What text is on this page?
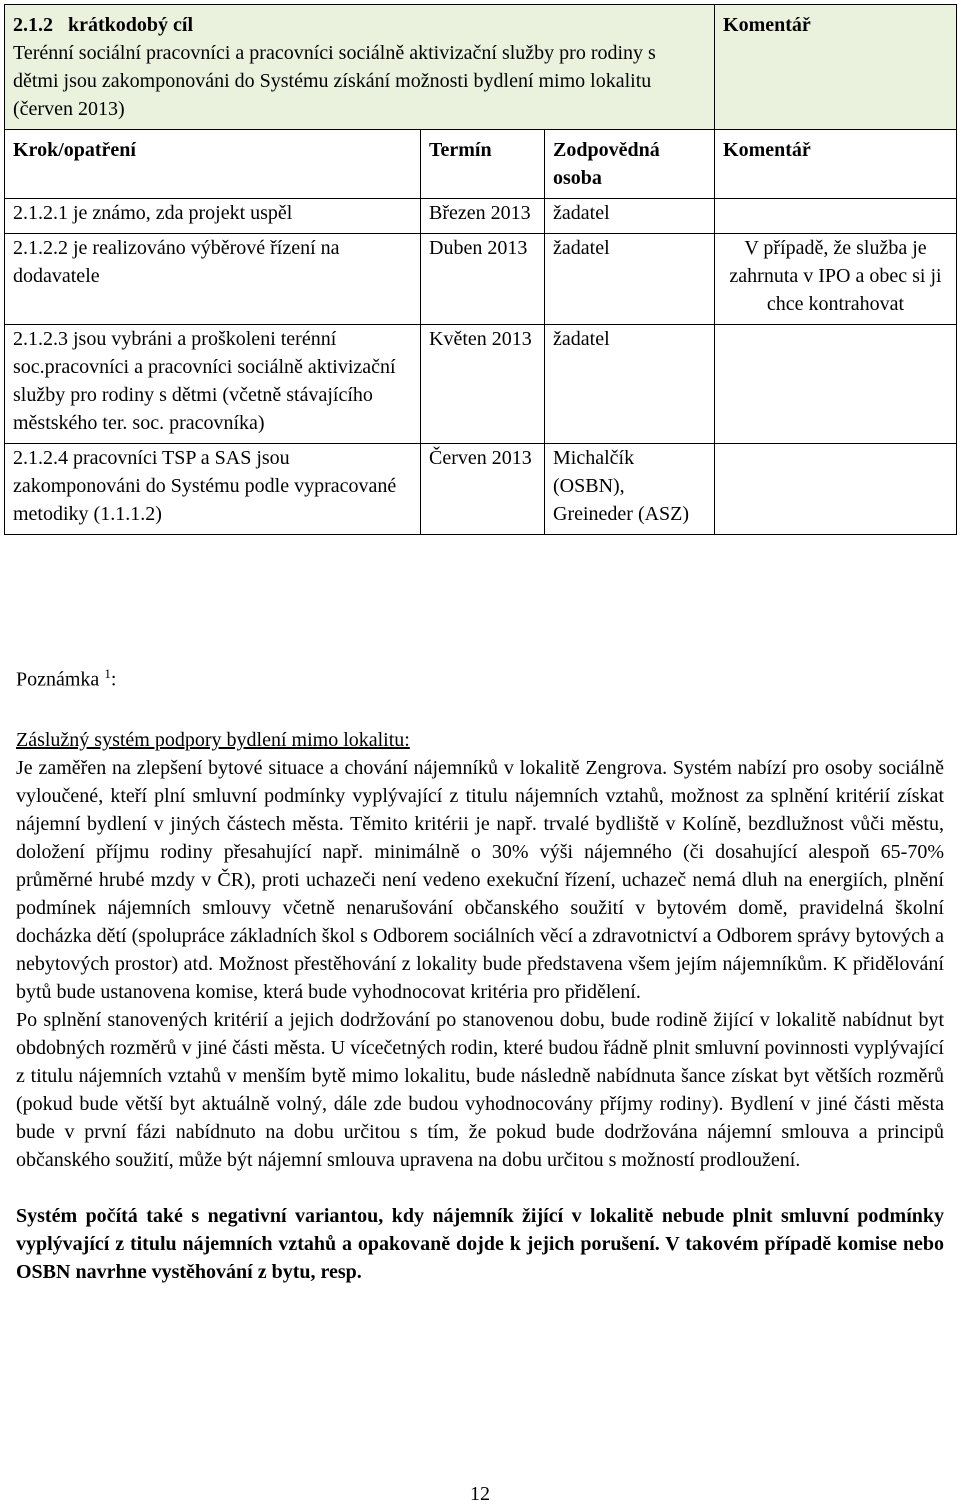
2.1.2 krátkodobý cíl
Terénní sociální pracovníci a pracovníci sociálně aktivizační služby pro rodiny s dětmi jsou zakomponováni do Systému získání možnosti bydlení mimo lokalitu (červen 2013)			Komentář
Krok/opatření	Termín	Zodpovědná osoba	Komentář
2.1.2.1 je známo, zda projekt uspěl	Březen 2013	žadatel	
2.1.2.2 je realizováno výběrové řízení na dodavatele	Duben 2013	žadatel	V případě, že služba je zahrnuta v IPO a obec si ji chce kontrahovat
2.1.2.3 jsou vybráni a proškoleni terénní soc.pracovníci a pracovníci sociálně aktivizační služby pro rodiny s dětmi (včetně stávajícího městského ter. soc. pracovníka)	Květen 2013	žadatel	
2.1.2.4 pracovníci TSP a SAS jsou zakomponováni do Systému podle vypracované metodiky (1.1.1.2)	Červen 2013	Michalčík (OSBN), Greineder (ASZ)	
Poznámka $^1$:

Záslužný systém podpory bydlení mimo lokalitu:

Je zaměřen na zlepšení bytové situace a chování nájemníků v lokalitě Zengrova. Systém nabízí pro osoby sociálně vyloučené, kteří plní smluvní podmínky vyplývající z titulu nájemních vztahů, možnost za splnění kritérií získat nájemní bydlení v jiných částech města. Těmito kritérii je např. trvalé bydliště v Kolíně, bezdlužnost vůči městu, doložení příjmu rodiny přesahující např. minimálně o 30% výši nájemného (či dosahující alespoň 65-70% průměrné hrubé mzdy v ČR), proti uchazeči není vedeno exekuční řízení, uchazeč nemá dluh na energiích, plnění podmínek nájemních smlouvy včetně nenarušování občanského soužití v bytovém domě, pravidelná školní docházka dětí (spolupráce základních škol s Odborem sociálních věcí a zdravotnictví a Odborem správy bytových a nebytových prostor) atd. Možnost přestěhování z lokality bude představena všem jejím nájemníkům. K přidělování bytů bude ustanovena komise, která bude vyhodnocovat kritéria pro přidělení.

Po splnění stanovených kritérií a jejich dodržování po stanovenou dobu, bude rodině žijící v lokalitě nabídnut byt obdobných rozměrů v jiné části města. U vícečetných rodin, které budou řádně plnit smluvní povinnosti vyplývající z titulu nájemních vztahů v menším bytě mimo lokalitu, bude následně nabídnuta šance získat byt větších rozměrů (pokud bude větší byt aktuálně volný, dále zde budou vyhodnocovány příjmy rodiny). Bydlení v jiné části města bude v první fázi nabídnuto na dobu určitou s tím, že pokud bude dodržována nájemní smlouva a principů občanského soužití, může být nájemní smlouva upravena na dobu určitou s možností prodloužení.

Systém počítá také s negativní variantou, kdy nájemník žijící v lokalitě nebude plnit smluvní podmínky vyplývající z titulu nájemních vztahů a opakovaně dojde k jejich porušení. V takovém případě komise nebo OSBN navrhne vystěhování z bytu, resp.

12
